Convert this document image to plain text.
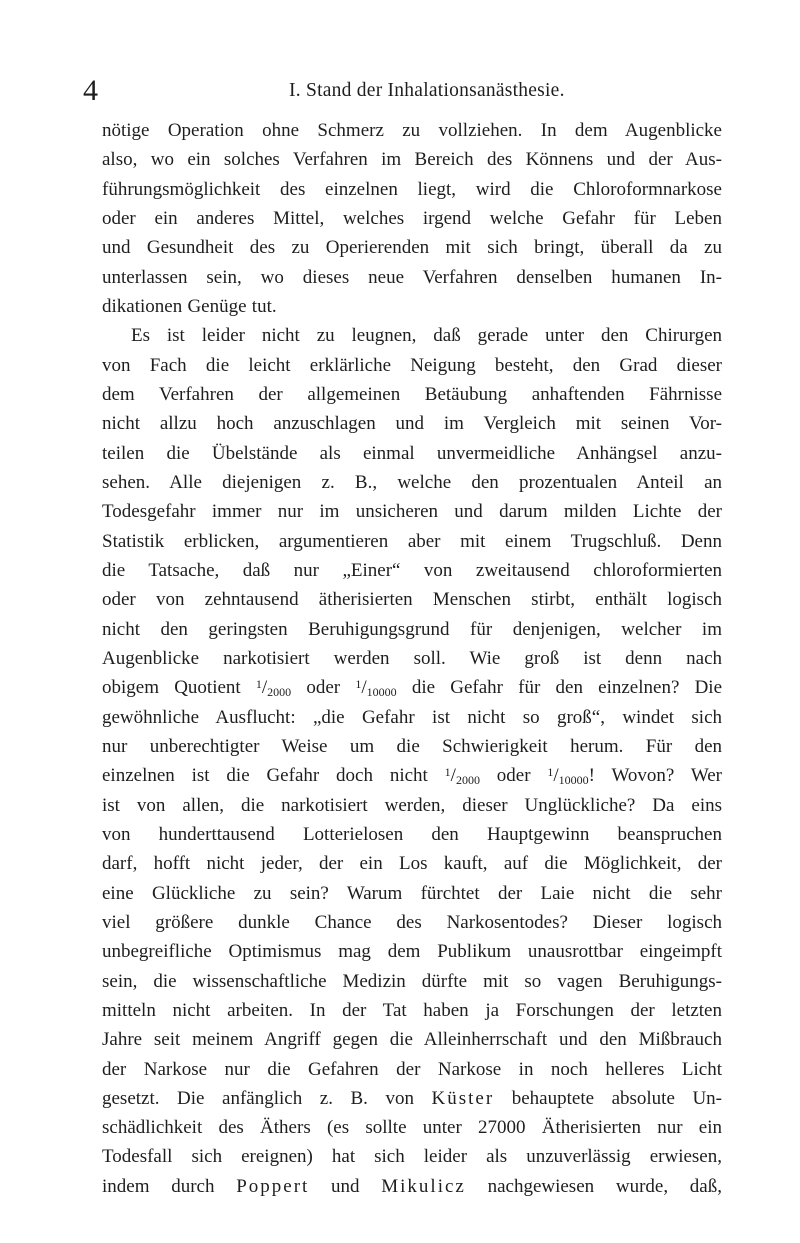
4	I. Stand der Inhalationsanästhesie.
nötige Operation ohne Schmerz zu vollziehen. In dem Augenblicke
also, wo ein solches Verfahren im Bereich des Könnens und der Aus-
führungsmöglichkeit des einzelnen liegt, wird die Chloroformnarkose
oder ein anderes Mittel, welches irgend welche Gefahr für Leben
und Gesundheit des zu Operierenden mit sich bringt, überall da zu
unterlassen sein, wo dieses neue Verfahren denselben humanen In-
dikationen Genüge tut.
Es ist leider nicht zu leugnen, daß gerade unter den Chirurgen
von Fach die leicht erklärliche Neigung besteht, den Grad dieser
dem Verfahren der allgemeinen Betäubung anhaftenden Fährnisse
nicht allzu hoch anzuschlagen und im Vergleich mit seinen Vor-
teilen die Übelstände als einmal unvermeidliche Anhängsel anzu-
sehen. Alle diejenigen z. B., welche den prozentualen Anteil an
Todesgefahr immer nur im unsicheren und darum milden Lichte der
Statistik erblicken, argumentieren aber mit einem Trugschluß. Denn
die Tatsache, daß nur „Einer“ von zweitausend chloroformierten
oder von zehntausend ätherisierten Menschen stirbt, enthält logisch
nicht den geringsten Beruhigungsgrund für denjenigen, welcher im
Augenblicke narkotisiert werden soll. Wie groß ist denn nach
obigem Quotient $^1/_{2000}$ oder $^1/_{10000}$ die Gefahr für den einzelnen? Die
gewöhnliche Ausflucht: „die Gefahr ist nicht so groß“, windet sich
nur unberechtigter Weise um die Schwierigkeit herum. Für den
einzelnen ist die Gefahr doch nicht $^1/_{2000}$ oder $^1/_{10000}$! Wovon? Wer
ist von allen, die narkotisiert werden, dieser Unglückliche? Da eins
von hunderttausend Lotterielosen den Hauptgewinn beanspruchen
darf, hofft nicht jeder, der ein Los kauft, auf die Möglichkeit, der
eine Glückliche zu sein? Warum fürchtet der Laie nicht die sehr
viel größere dunkle Chance des Narkosentodes? Dieser logisch
unbegreifliche Optimismus mag dem Publikum unausrottbar eingeimpft
sein, die wissenschaftliche Medizin dürfte mit so vagen Beruhigungs-
mitteln nicht arbeiten. In der Tat haben ja Forschungen der letzten
Jahre seit meinem Angriff gegen die Alleinherrschaft und den Mißbrauch
der Narkose nur die Gefahren der Narkose in noch helleres Licht
gesetzt. Die anfänglich z. B. von Küster behauptete absolute Un-
schädlichkeit des Äthers (es sollte unter 27000 Ätherisierten nur ein
Todesfall sich ereignen) hat sich leider als unzuverlässig erwiesen,
indem durch Poppert und Mikulicz nachgewiesen wurde, daß,
